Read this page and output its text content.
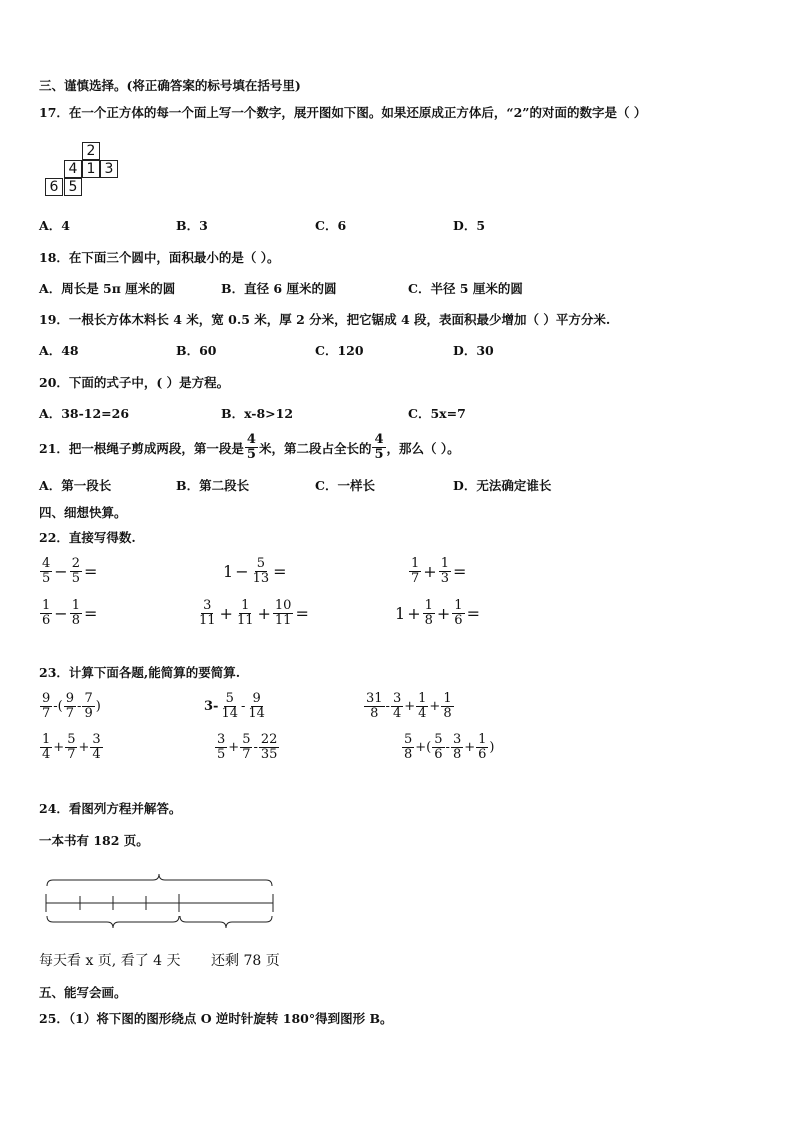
三、谨慎选择。(将正确答案的标号填在括号里)
17．在一个正方体的每一个面上写一个数字，展开图如下图。如果还原成正方体后，“2”的对面的数字是（ ）
2
4 1 3
6 5
A．4	B．3	C．6	D．5
18．在下面三个圆中，面积最小的是（ ）。
A．周长是 5π 厘米的圆	B．直径 6 厘米的圆	C．半径 5 厘米的圆
19．一根长方体木料长 4 米，宽 0.5 米，厚 2 分米，把它锯成 4 段，表面积最少增加（ ）平方分米.
A．48	B．60	C．120	D．30
20．下面的式子中，( ）是方程。
A．38-12=26	B．x-8>12	C．5x=7
21．把一根绳子剪成两段，第一段是 $\frac{4}{5}$ 米，第二段占全长的 $\frac{4}{5}$ ，那么（ ）。
A．第一段长	B．第二段长	C．一样长	D．无法确定谁长
四、细想快算。
22．直接写得数.
$\frac{4}{5} - \frac{2}{5}$ =	$1 - \frac{5}{13}$ =	$\frac{1}{7} + \frac{1}{3}$ =
$\frac{1}{6} - \frac{1}{8}$ =	$\frac{3}{11} + \frac{1}{11} + \frac{10}{11}$ =	$1 + \frac{1}{8} + \frac{1}{6}$ =
23．计算下面各题,能简算的要简算.
$\frac{9}{7}$ -( $\frac{9}{7} - \frac{7}{9}$ )	$3- \frac{5}{14} - \frac{9}{14}$	$\frac{31}{8} - \frac{3}{4} + \frac{1}{4} + \frac{1}{8}$
$\frac{1}{4} + \frac{5}{7} + \frac{3}{4}$	$\frac{3}{5} + \frac{5}{7} - \frac{22}{35}$	$\frac{5}{8}$ +( $\frac{5}{6} - \frac{3}{8} + \frac{1}{6}$ )
24．看图列方程并解答。
一本书有 182 页。
每天看 x 页, 看了 4 天 还剩 78 页
五、能写会画。
25．（1）将下图的图形绕点 O 逆时针旋转 180°得到图形 B。
